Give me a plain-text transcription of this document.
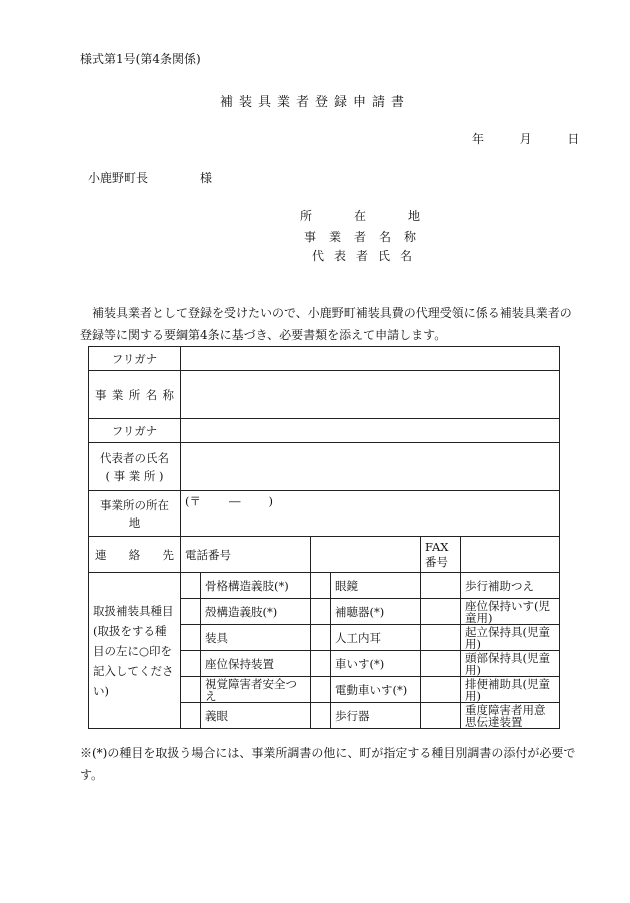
様式第1号(第4条関係)
補装具業者登録申請書
年	月	日
小鹿野町長	様
所	在	地
事 業 者 名 称
代 表 者 氏 名
補装具業者として登録を受けたいので、小鹿野町補装具費の代理受領に係る補装具業者の登録等に関する要綱第4条に基づき、必要書類を添えて申請します。
フリガナ						

事 業 所 名 称						

フリガナ						

代表者の氏名
( 事 業 所 )						

事業所の所在
地	(〒 ― )					

連 絡 先	電話番号				FAX番号	
取扱補装具種目(取扱をする種目の左に○印を記入してください)		骨格構造義肢(*)		眼鏡		歩行補助つえ
		殻構造義肢(*)		補聴器(*)		座位保持いす(児童用)
		装具		人工内耳		起立保持具(児童用)
		座位保持装置		車いす(*)		頭部保持具(児童用)
		視覚障害者安全つえ		電動車いす(*)		排便補助具(児童用)
		義眼		歩行器		重度障害者用意思伝達装置
※(*)の種目を取扱う場合には、事業所調書の他に、町が指定する種目別調書の添付が必要です。
